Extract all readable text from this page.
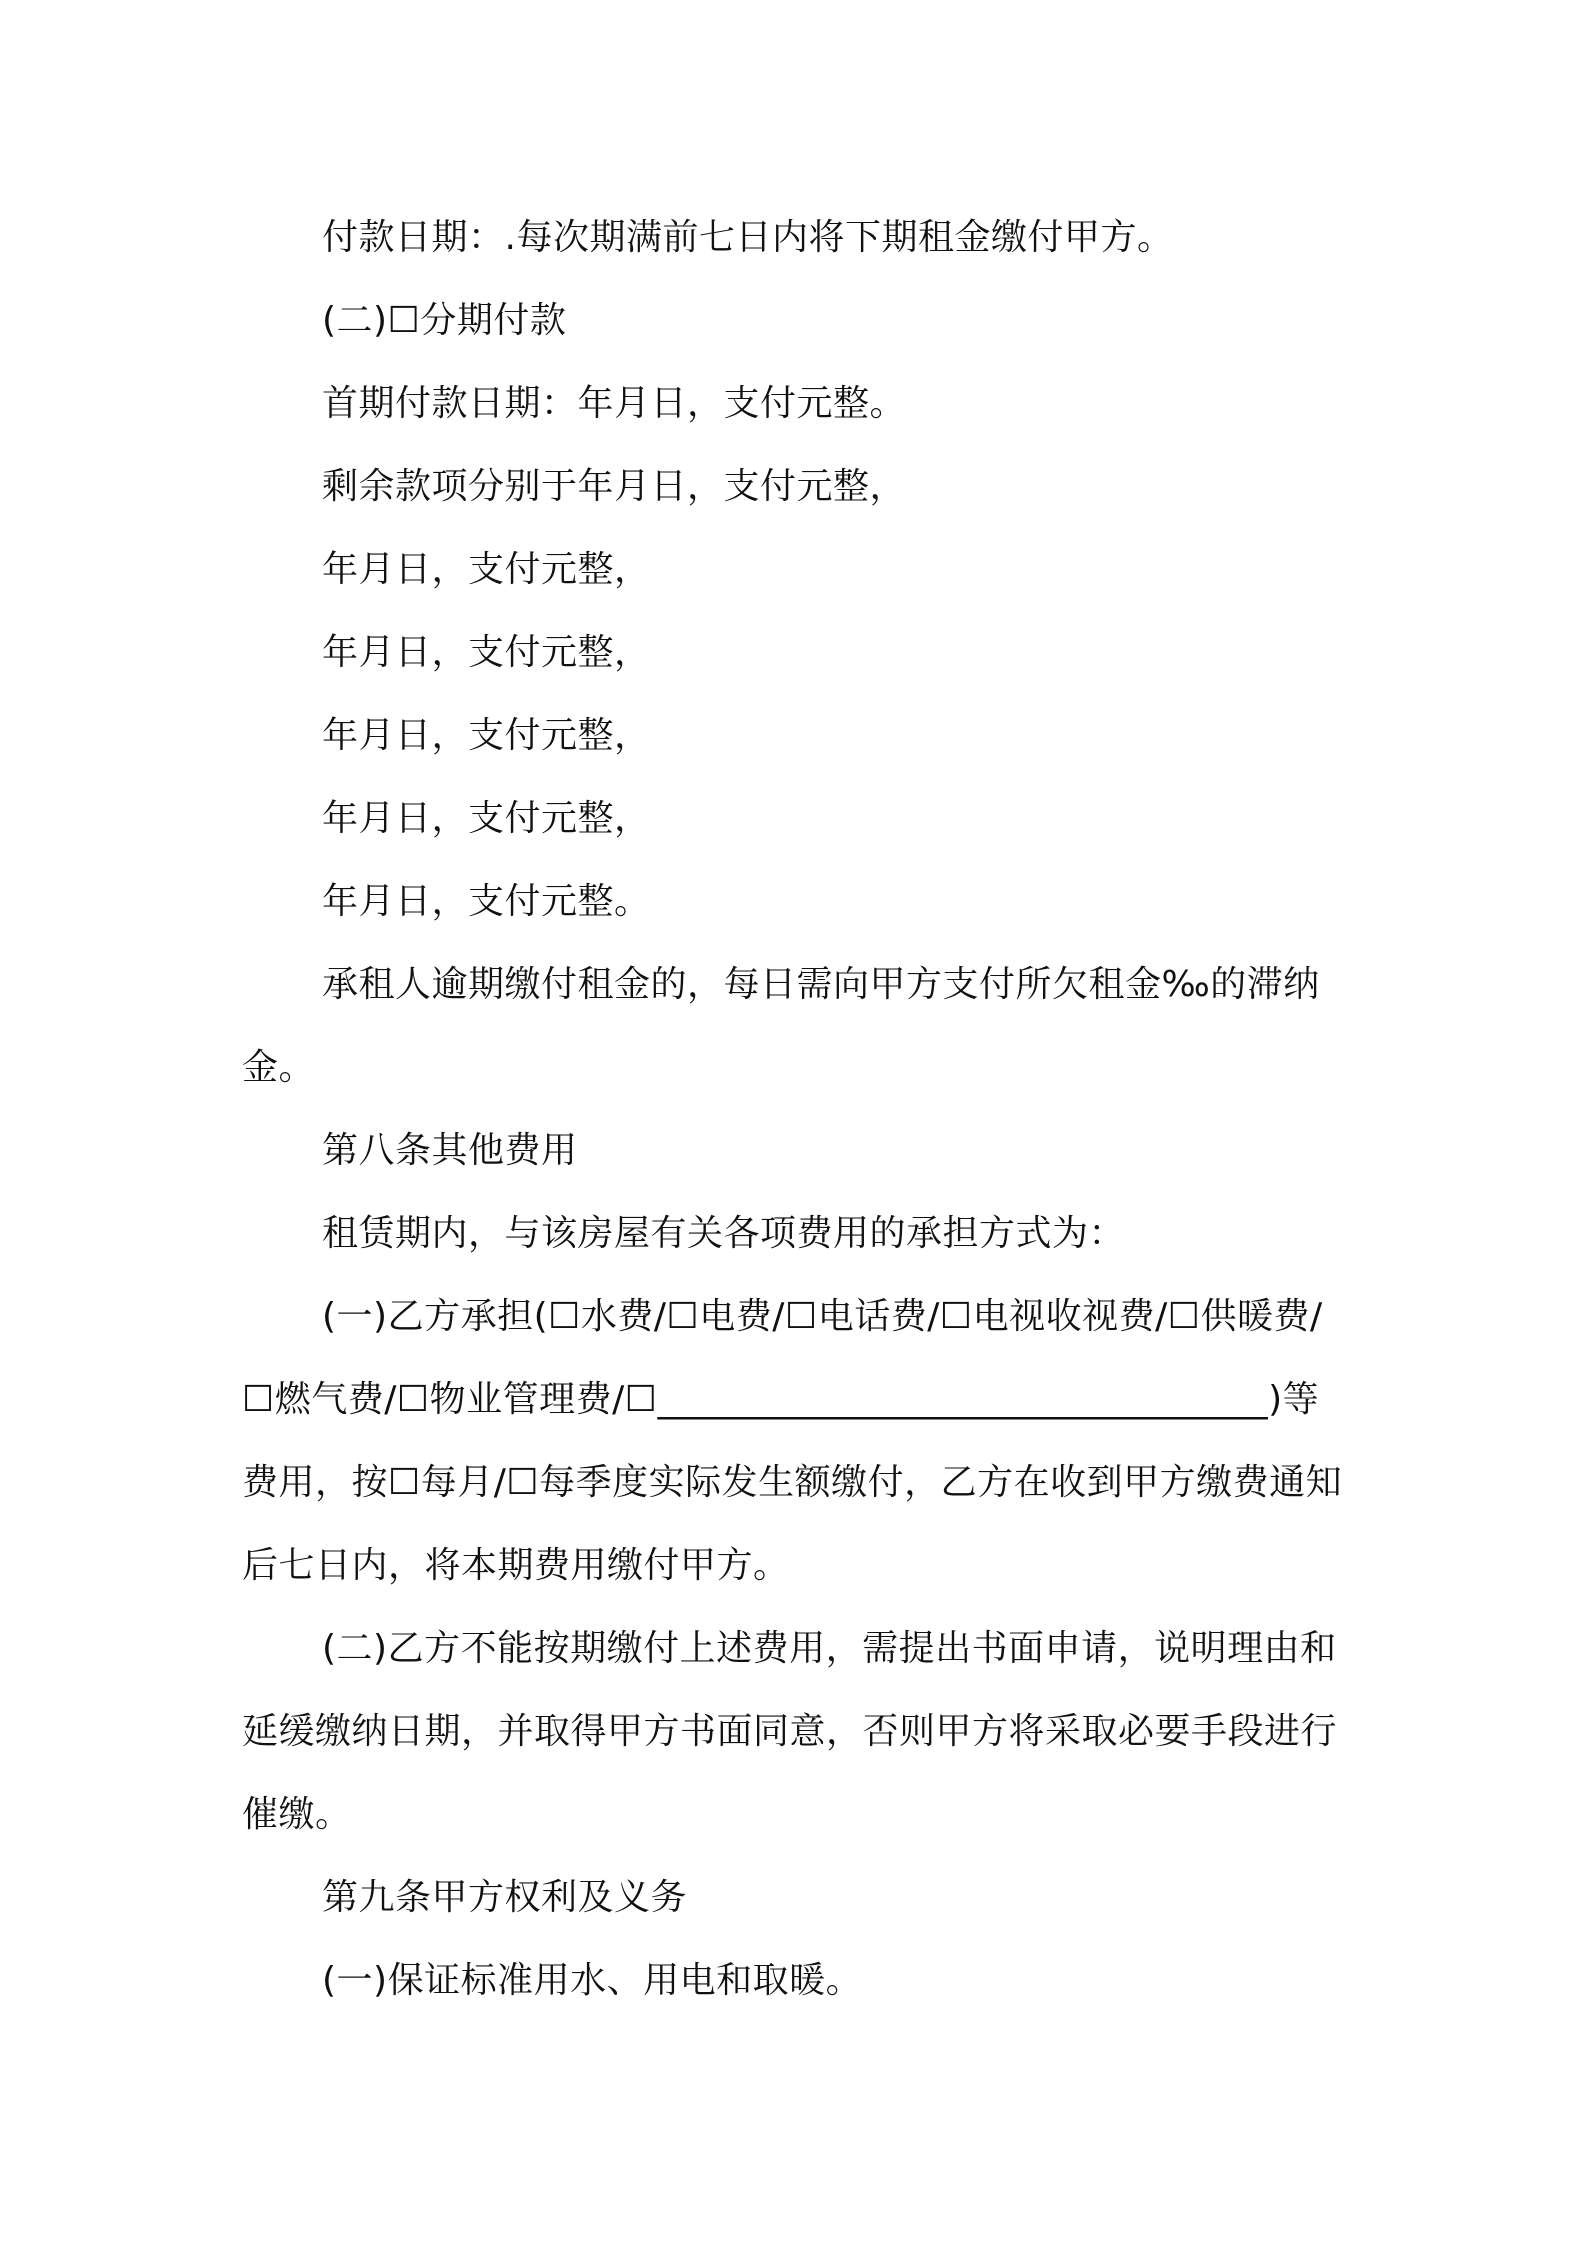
付款日期：.每次期满前七日内将下期租金缴付甲方。

(二)☐分期付款

首期付款日期：年月日，支付元整。

剩余款项分别于年月日，支付元整，

年月日，支付元整，

年月日，支付元整，

年月日，支付元整，

年月日，支付元整，

年月日，支付元整。

承租人逾期缴付租金的，每日需向甲方支付所欠租金‰的滞纳金。

第八条其他费用

租赁期内，与该房屋有关各项费用的承担方式为：

(一)乙方承担(☐水费/☐电费/☐电话费/☐电视收视费/☐供暖费/☐燃气费/☐物业管理费/☐_________________________________)等费用，按☐每月/☐每季度实际发生额缴付，乙方在收到甲方缴费通知后七日内，将本期费用缴付甲方。

(二)乙方不能按期缴付上述费用，需提出书面申请，说明理由和延缓缴纳日期，并取得甲方书面同意，否则甲方将采取必要手段进行催缴。

第九条甲方权利及义务

(一)保证标准用水、用电和取暖。
